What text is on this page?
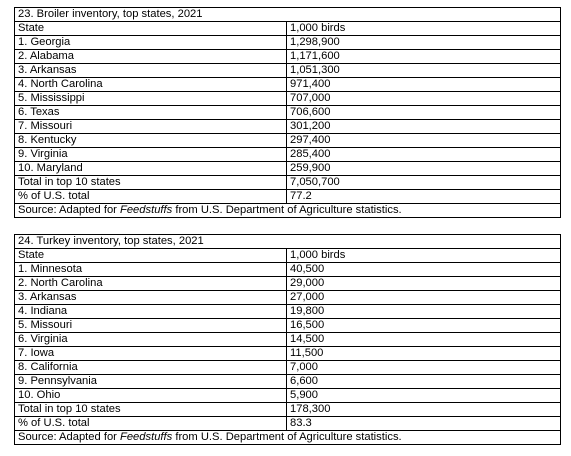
23. Broiler inventory, top states, 2021	
State	1,000 birds
1. Georgia	1,298,900
2. Alabama	1,171,600
3. Arkansas	1,051,300
4. North Carolina	971,400
5. Mississippi	707,000
6. Texas	706,600
7. Missouri	301,200
8. Kentucky	297,400
9. Virginia	285,400
10. Maryland	259,900
Total in top 10 states	7,050,700
% of U.S. total	77.2
Source: Adapted for Feedstuffs from U.S. Department of Agriculture statistics.	
24. Turkey inventory, top states, 2021	
State	1,000 birds
1. Minnesota	40,500
2. North Carolina	29,000
3. Arkansas	27,000
4. Indiana	19,800
5. Missouri	16,500
6. Virginia	14,500
7. Iowa	11,500
8. California	7,000
9. Pennsylvania	6,600
10. Ohio	5,900
Total in top 10 states	178,300
% of U.S. total	83.3
Source: Adapted for Feedstuffs from U.S. Department of Agriculture statistics.	
